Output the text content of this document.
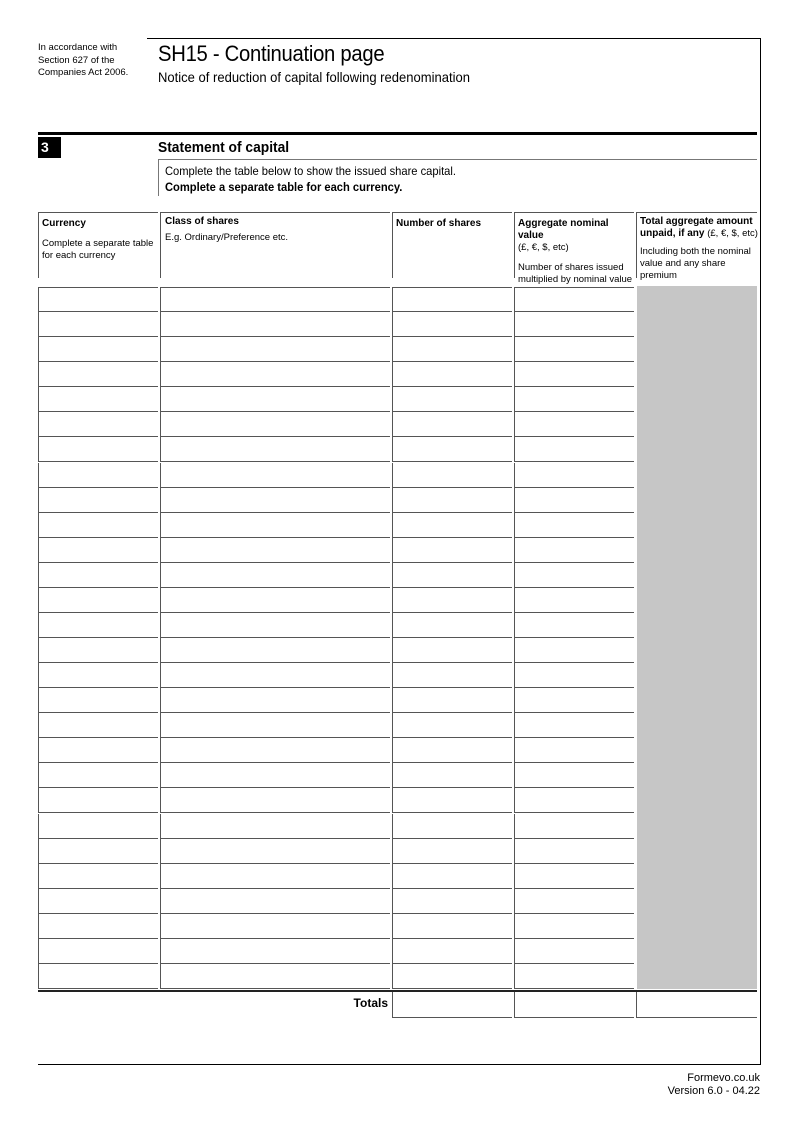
In accordance with
Section 627 of the
Companies Act 2006.
SH15 - Continuation page
Notice of reduction of capital following redenomination
3	Statement of capital
Complete the table below to show the issued share capital.
Complete a separate table for each currency.
Currency
Complete a separate table for each currency
Class of shares
E.g. Ordinary/Preference etc.
Number of shares	Aggregate nominal value
(£, €, $, etc)
Number of shares issued multiplied by nominal value
Total aggregate amount unpaid, if any (£, €, $, etc)
Including both the nominal value and any share premium
Totals
Formevo.co.uk
Version 6.0 - 04.22
